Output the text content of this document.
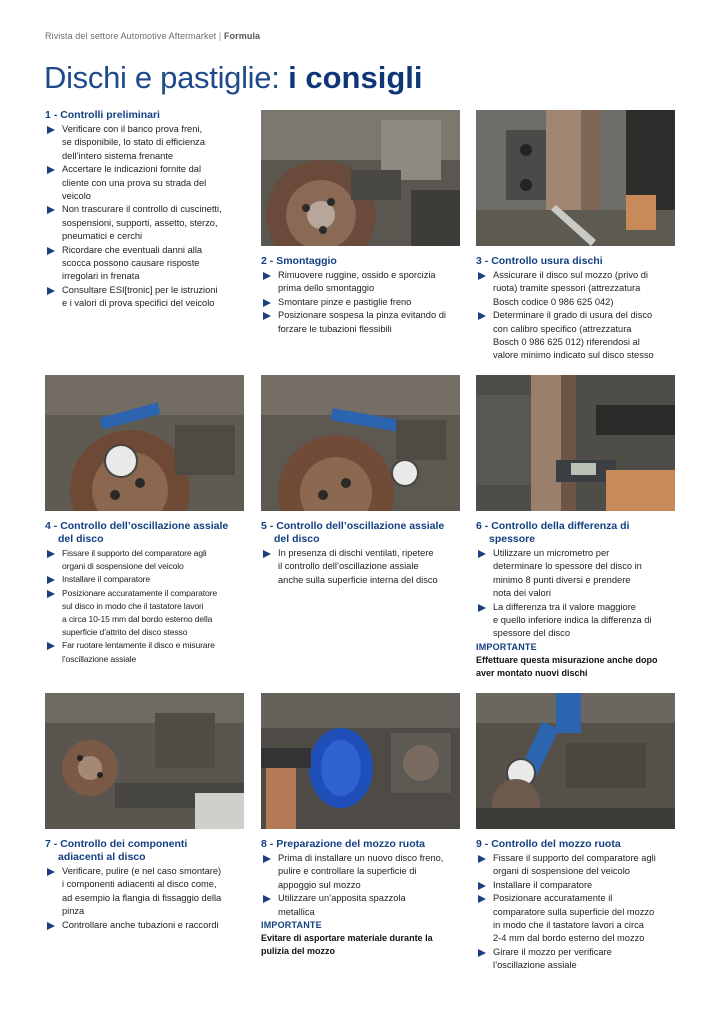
Rivista del settore Automotive Aftermarket | Formula
Dischi e pastiglie: i consigli
1 - Controlli preliminari
Verificare con il banco prova freni,
se disponibile, lo stato di efficienza
dell’intero sistema frenante
Accertare le indicazioni fornite dal
cliente con una prova su strada del
veicolo
Non trascurare il controllo di cuscinetti,
sospensioni, supporti, assetto, sterzo,
pneumatici e cerchi
Ricordare che eventuali danni alla
scocca possono causare risposte
irregolari in frenata
Consultare ESI[tronic] per le istruzioni
e i valori di prova specifici del veicolo
2 - Smontaggio
Rimuovere ruggine, ossido e sporcizia
prima dello smontaggio
Smontare pinze e pastiglie freno
Posizionare sospesa la pinza evitando di
forzare le tubazioni flessibili
3 - Controllo usura dischi
Assicurare il disco sul mozzo (privo di
ruota) tramite spessori (attrezzatura
Bosch codice 0 986 625 042)
Determinare il grado di usura del disco
con calibro specifico (attrezzatura
Bosch 0 986 625 012) riferendosi al
valore minimo indicato sul disco stesso
4 - Controllo dell’oscillazione assiale
del disco
Fissare il supporto del comparatore agli
organi di sospensione del veicolo
Installare il comparatore
Posizionare accuratamente il comparatore
sul disco in modo che il tastatore lavori
a circa 10-15 mm dal bordo esterno della
superficie d’attrito del disco stesso
Far ruotare lentamente il disco e misurare
l’oscillazione assiale
5 - Controllo dell’oscillazione assiale
del disco
In presenza di dischi ventilati, ripetere
il controllo dell’oscillazione assiale
anche sulla superficie interna del disco
6 - Controllo della differenza di
spessore
Utilizzare un micrometro per
determinare lo spessore del disco in
minimo 8 punti diversi e prendere
nota dei valori
La differenza tra il valore maggiore
e quello inferiore indica la differenza di
spessore del disco
IMPORTANTE
Effettuare questa misurazione anche dopo
aver montato nuovi dischi
7 - Controllo dei componenti
adiacenti al disco
Verificare, pulire (e nel caso smontare)
i componenti adiacenti al disco come,
ad esempio la flangia di fissaggio della
pinza
Controllare anche tubazioni e raccordi
8 - Preparazione del mozzo ruota
Prima di installare un nuovo disco freno,
pulire e controllare la superficie di
appoggio sul mozzo
Utilizzare un’apposita spazzola
metallica
IMPORTANTE
Evitare di asportare materiale durante la
pulizia del mozzo
9 - Controllo del mozzo ruota
Fissare il supporto del comparatore agli
organi di sospensione del veicolo
Installare il comparatore
Posizionare accuratamente il
comparatore sulla superficie del mozzo
in modo che il tastatore lavori a circa
2-4 mm dal bordo esterno del mozzo
Girare il mozzo per verificare
l’oscillazione assiale
